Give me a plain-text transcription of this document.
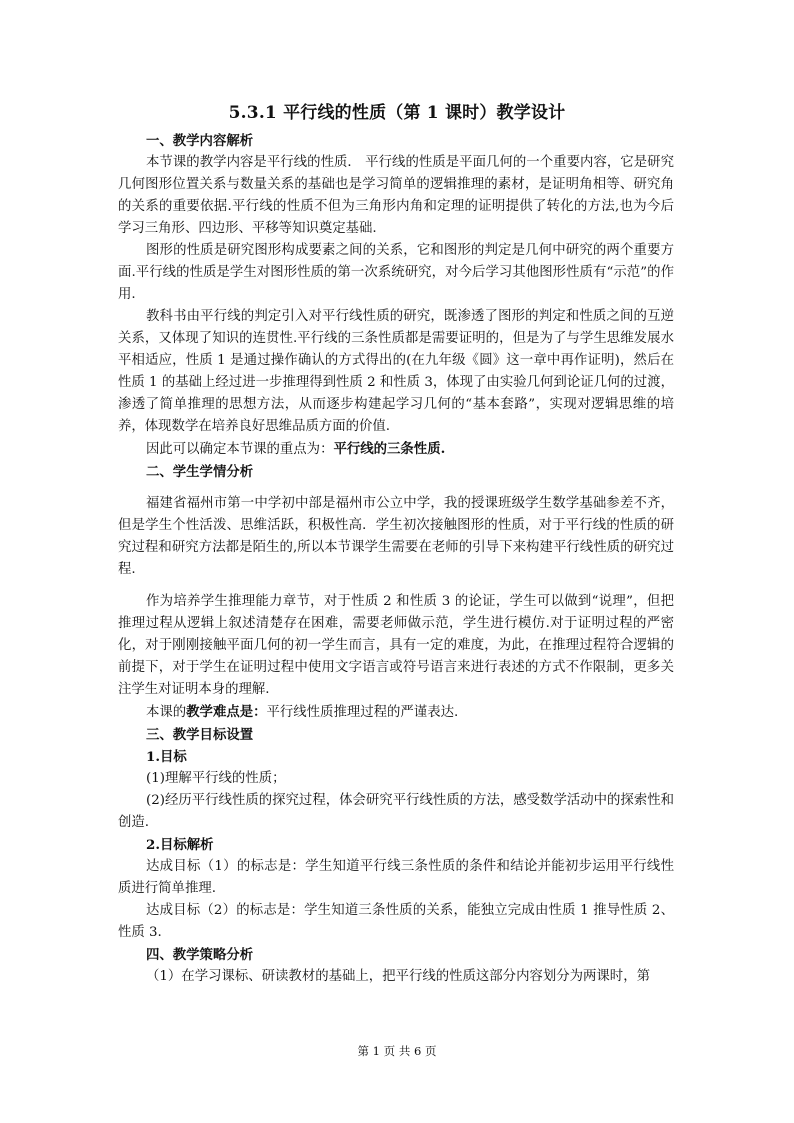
5.3.1 平行线的性质（第 1 课时）教学设计

一、教学内容解析

本节课的教学内容是平行线的性质． 平行线的性质是平面几何的一个重要内容，它是研究几何图形位置关系与数量关系的基础也是学习简单的逻辑推理的素材，是证明角相等、研究角的关系的重要依据.平行线的性质不但为三角形内角和定理的证明提供了转化的方法,也为今后学习三角形、四边形、平移等知识奠定基础.

图形的性质是研究图形构成要素之间的关系，它和图形的判定是几何中研究的两个重要方面.平行线的性质是学生对图形性质的第一次系统研究，对今后学习其他图形性质有“示范”的作用.

教科书由平行线的判定引入对平行线性质的研究，既渗透了图形的判定和性质之间的互逆关系，又体现了知识的连贯性.平行线的三条性质都是需要证明的，但是为了与学生思维发展水平相适应，性质 1 是通过操作确认的方式得出的(在九年级《圆》这一章中再作证明)，然后在性质 1 的基础上经过进一步推理得到性质 2 和性质 3，体现了由实验几何到论证几何的过渡，渗透了简单推理的思想方法，从而逐步构建起学习几何的“基本套路”，实现对逻辑思维的培养，体现数学在培养良好思维品质方面的价值.

因此可以确定本节课的重点为：平行线的三条性质.

二、学生学情分析

福建省福州市第一中学初中部是福州市公立中学，我的授课班级学生数学基础参差不齐，但是学生个性活泼、思维活跃，积极性高．学生初次接触图形的性质，对于平行线的性质的研究过程和研究方法都是陌生的,所以本节课学生需要在老师的引导下来构建平行线性质的研究过程.

作为培养学生推理能力章节，对于性质 2 和性质 3 的论证，学生可以做到“说理”，但把推理过程从逻辑上叙述清楚存在困难，需要老师做示范，学生进行模仿.对于证明过程的严密化，对于刚刚接触平面几何的初一学生而言，具有一定的难度，为此，在推理过程符合逻辑的前提下，对于学生在证明过程中使用文字语言或符号语言来进行表述的方式不作限制，更多关注学生对证明本身的理解.

本课的教学难点是：平行线性质推理过程的严谨表达.

三、教学目标设置

1.目标

(1)理解平行线的性质；

(2)经历平行线性质的探究过程，体会研究平行线性质的方法，感受数学活动中的探索性和创造.

2.目标解析

达成目标（1）的标志是：学生知道平行线三条性质的条件和结论并能初步运用平行线性质进行简单推理.

达成目标（2）的标志是：学生知道三条性质的关系，能独立完成由性质 1 推导性质 2、性质 3.

四、教学策略分析

（1）在学习课标、研读教材的基础上，把平行线的性质这部分内容划分为两课时，第

第 1 页 共 6 页
